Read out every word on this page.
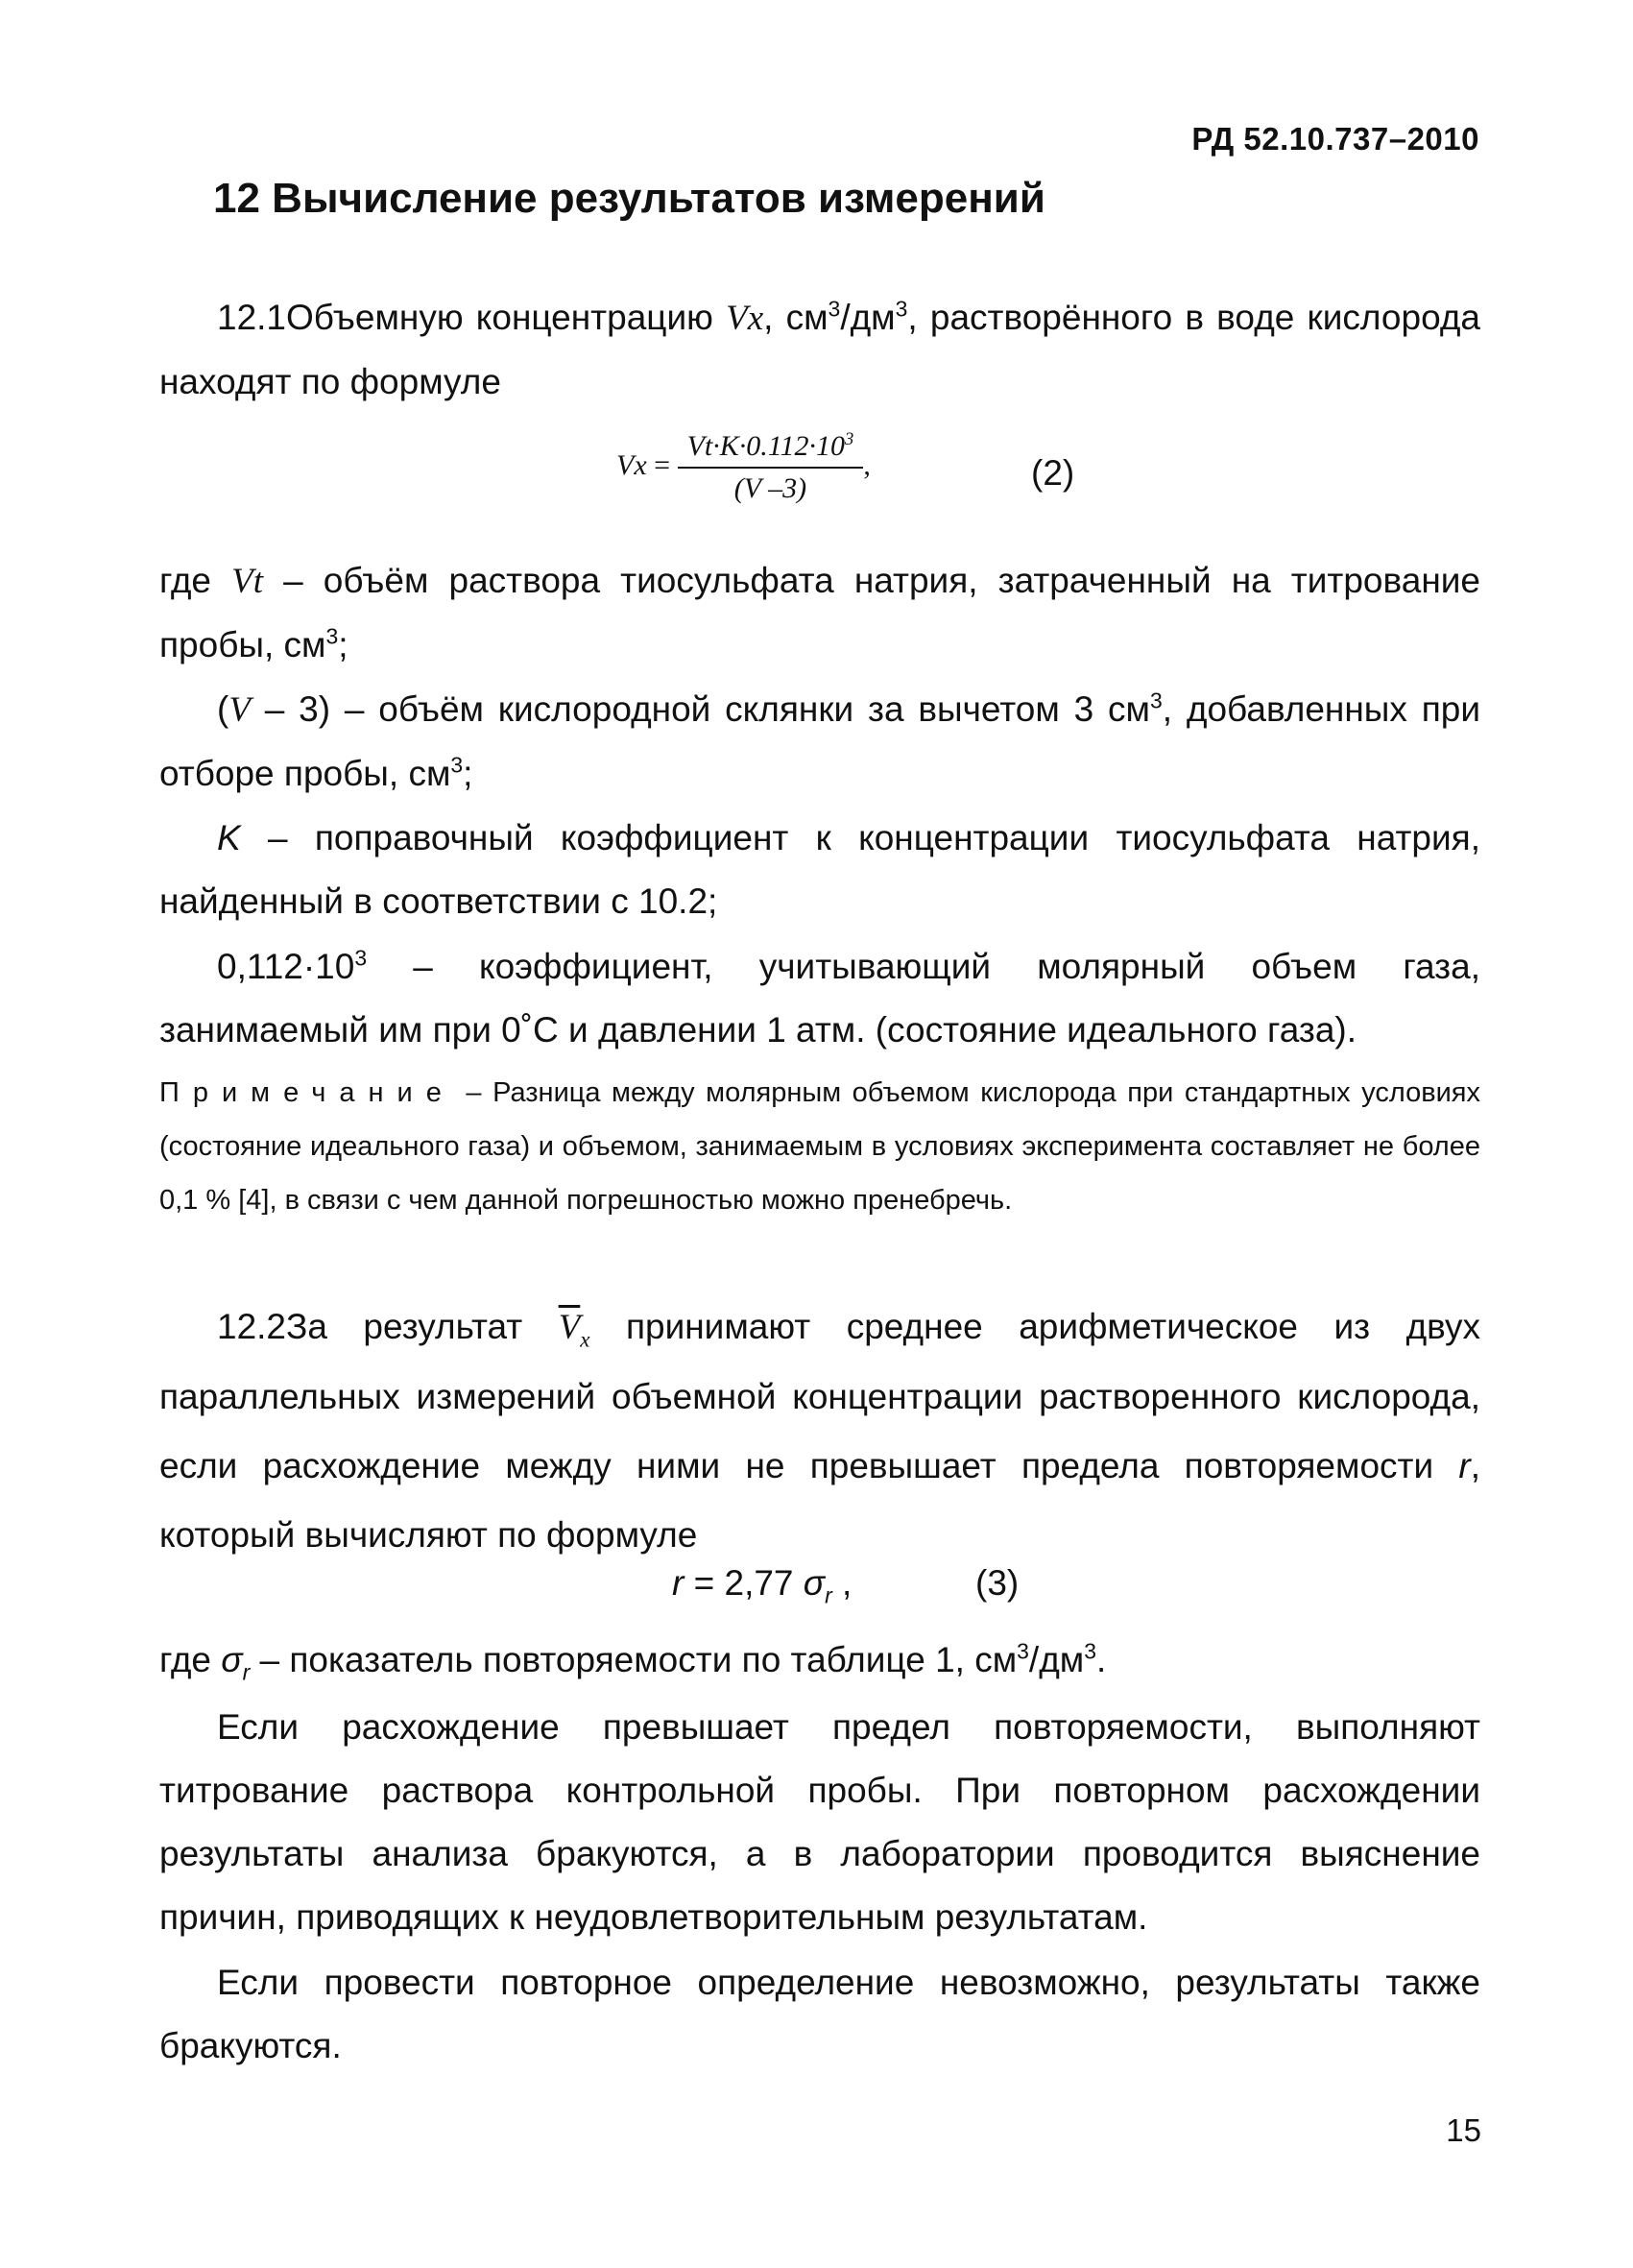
РД 52.10.737–2010
12 Вычисление результатов измерений
12.1Объемную концентрацию Vx, $см^3/дм^3$, растворённого в воде кислорода находят по формуле
$Vx = \frac{Vt\cdot K\cdot 0.112\cdot 10^3}{(V -3)}$ ,	(2)
где Vt – объём раствора тиосульфата натрия, затраченный на титрование пробы, $см^3$;
(V – 3) – объём кислородной склянки за вычетом 3 $см^3$, добавленных при отборе пробы, $см^3$;
K – поправочный коэффициент к концентрации тиосульфата натрия, найденный в соответствии с 10.2;
$0,112\cdot 10^3$ – коэффициент, учитывающий молярный объем газа, занимаемый им при 0˚С и давлении 1 атм. (состояние идеального газа).
Примечание – Разница между молярным объемом кислорода при стандартных условиях (состояние идеального газа) и объемом, занимаемым в условиях эксперимента составляет не более 0,1 % [4], в связи с чем данной погрешностью можно пренебречь.
12.2За результат $\overline{V}_x$ принимают среднее арифметическое из двух параллельных измерений объемной концентрации растворенного кислорода, если расхождение между ними не превышает предела повторяемости r, который вычисляют по формуле
r = 2,77 $\sigma_r$ ,	(3)
где $\sigma_r$ – показатель повторяемости по таблице 1, $см^3/дм^3$.
Если расхождение превышает предел повторяемости, выполняют титрование раствора контрольной пробы. При повторном расхождении результаты анализа бракуются, а в лаборатории проводится выяснение причин, приводящих к неудовлетворительным результатам.
Если провести повторное определение невозможно, результаты также бракуются.
15
